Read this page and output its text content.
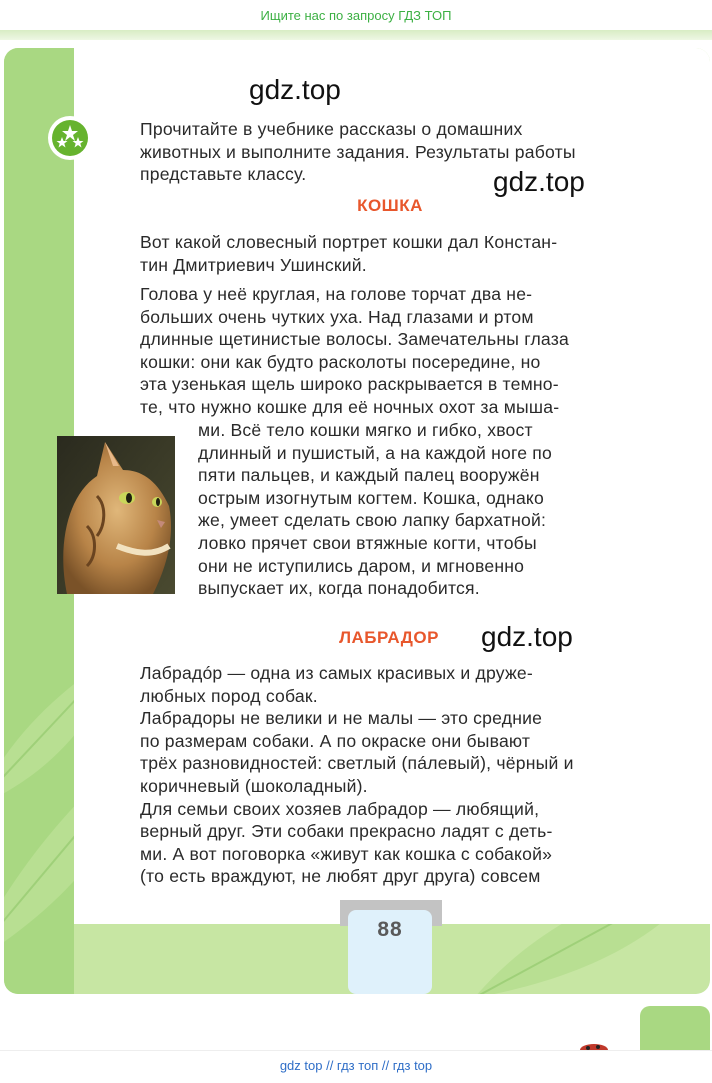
Ищите нас по запросу ГДЗ ТОП
gdz.top
gdz.top
gdz.top

Прочитайте в учебнике рассказы о домашних

животных и выполните задания. Результаты работы

представьте классу.

КОШКА

Вот какой словесный портрет кошки дал Констан-

тин Дмитриевич Ушинский.

Голова у неё круглая, на голове торчат два не-

больших очень чутких уха. Над глазами и ртом

длинные щетинистые волосы. Замечательны глаза

кошки: они как будто расколоты посередине, но

эта узенькая щель широко раскрывается в темно-

те, что нужно кошке для её ночных охот за мыша-

ми. Всё тело кошки мягко и гибко, хвост

длинный и пушистый, а на каждой ноге по

пяти пальцев, и каждый палец вооружён

острым изогнутым когтем. Кошка, однако

же, умеет сделать свою лапку бархатной:

ловко прячет свои втяжные когти, чтобы

они не иступились даром, и мгновенно

выпускает их, когда понадобится.

ЛАБРАДОР

Лабрадóр — одна из самых красивых и друже-

любных пород собак.

Лабрадоры не велики и не малы — это средние

по размерам собаки. А по окраске они бывают

трёх разновидностей: светлый (пáлевый), чёрный и

коричневый (шоколадный).

Для семьи своих хозяев лабрадор — любящий,

верный друг. Эти собаки прекрасно ладят с деть-

ми. А вот поговорка «живут как кошка с собакой»

(то есть враждуют, не любят друг друга) совсем

88
gdz top // гдз топ // гдз top
